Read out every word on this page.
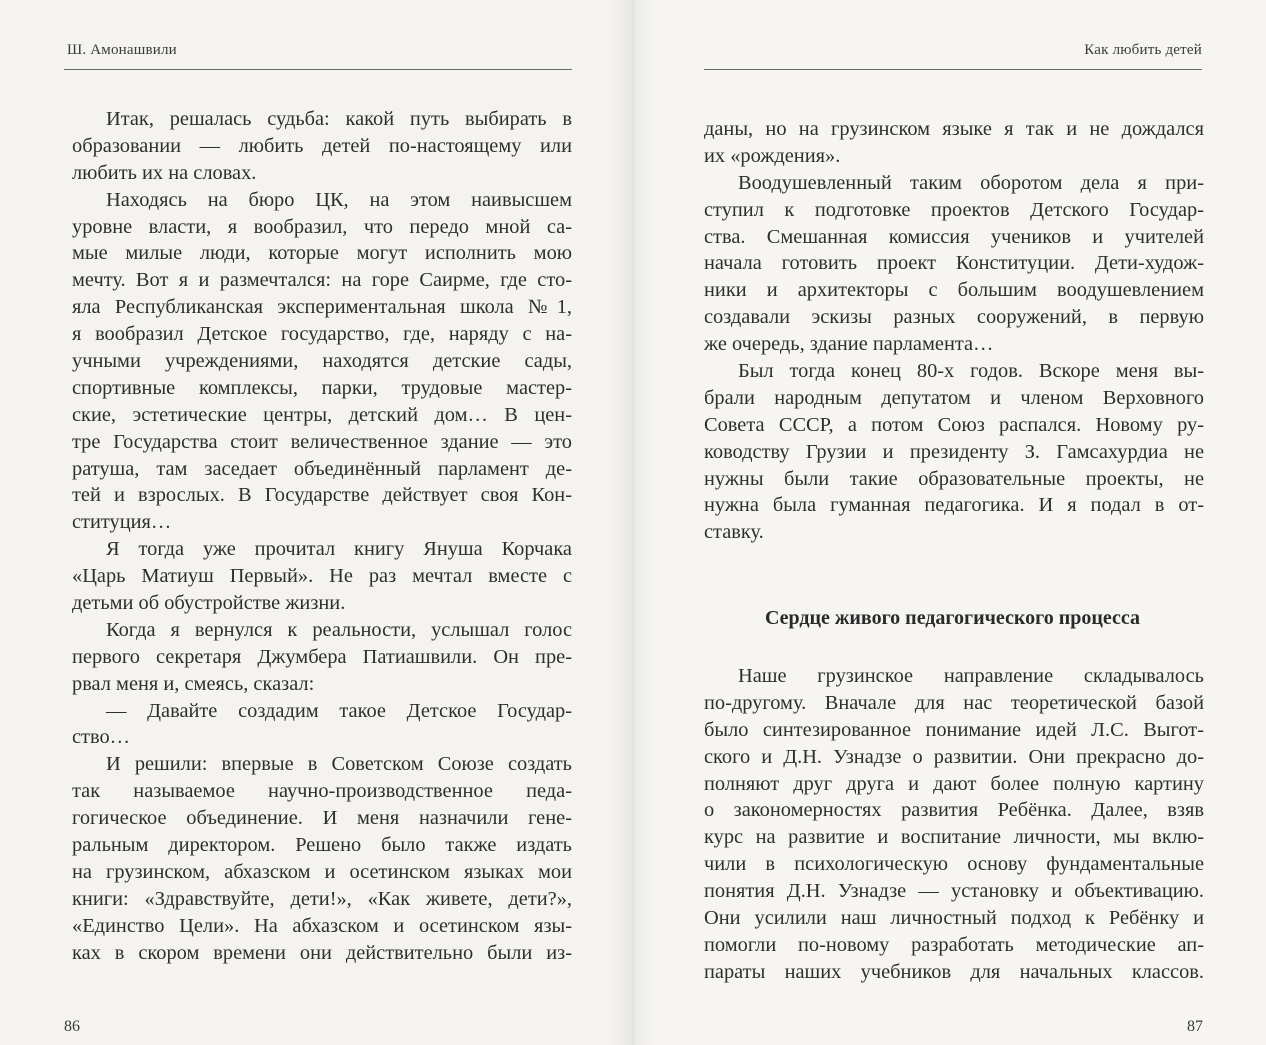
Ш. Амонашвили
Итак, решалась судьба: какой путь выбирать в
образовании — любить детей по-настоящему или
любить их на словах.
Находясь на бюро ЦК, на этом наивысшем
уровне власти, я вообразил, что передо мной са-
мые милые люди, которые могут исполнить мою
мечту. Вот я и размечтался: на горе Саирме, где сто-
яла Республиканская экспериментальная школа №1,
я вообразил Детское государство, где, наряду с на-
учными учреждениями, находятся детские сады,
спортивные комплексы, парки, трудовые мастер-
ские, эстетические центры, детский дом… В цен-
тре Государства стоит величественное здание — это
ратуша, там заседает объединённый парламент де-
тей и взрослых. В Государстве действует своя Кон-
ституция…
Я тогда уже прочитал книгу Януша Корчака
«Царь Матиуш Первый». Не раз мечтал вместе с
детьми об обустройстве жизни.
Когда я вернулся к реальности, услышал голос
первого секретаря Джумбера Патиашвили. Он пре-
рвал меня и, смеясь, сказал:
— Давайте создадим такое Детское Государ-
ство…
И решили: впервые в Советском Союзе создать
так называемое научно-производственное педа-
гогическое объединение. И меня назначили гене-
ральным директором. Решено было также издать
на грузинском, абхазском и осетинском языках мои
книги: «Здравствуйте, дети!», «Как живете, дети?»,
«Единство Цели». На абхазском и осетинском язы-
ках в скором времени они действительно были из-
86
Как любить детей
даны, но на грузинском языке я так и не дождался
их «рождения».
Воодушевленный таким оборотом дела я при-
ступил к подготовке проектов Детского Государ-
ства. Смешанная комиссия учеников и учителей
начала готовить проект Конституции. Дети-худож-
ники и архитекторы с большим воодушевлением
создавали эскизы разных сооружений, в первую
же очередь, здание парламента…
Был тогда конец 80-х годов. Вскоре меня вы-
брали народным депутатом и членом Верховного
Совета СССР, а потом Союз распался. Новому ру-
ководству Грузии и президенту З. Гамсахурдиа не
нужны были такие образовательные проекты, не
нужна была гуманная педагогика. И я подал в от-
ставку.
Сердце живого педагогического процесса
Наше грузинское направление складывалось
по-другому. Вначале для нас теоретической базой
было синтезированное понимание идей Л.С. Выгот-
ского и Д.Н. Узнадзе о развитии. Они прекрасно до-
полняют друг друга и дают более полную картину
о закономерностях развития Ребёнка. Далее, взяв
курс на развитие и воспитание личности, мы вклю-
чили в психологическую основу фундаментальные
понятия Д.Н. Узнадзе — установку и объективацию.
Они усилили наш личностный подход к Ребёнку и
помогли по-новому разработать методические ап-
параты наших учебников для начальных классов.
87
